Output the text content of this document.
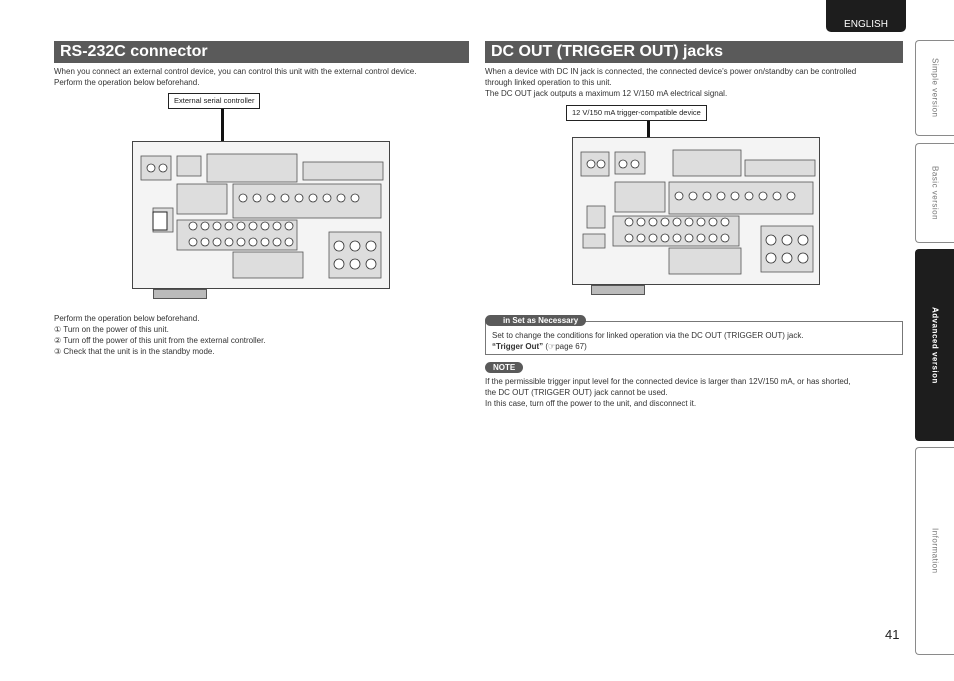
ENGLISH
Simple version
Basic version
Advanced version
Information
RS-232C connector
When you connect an external control device, you can control this unit with the external control device.
Perform the operation below beforehand.
External serial controller
Perform the operation below beforehand.
① Turn on the power of this unit.
② Turn off the power of this unit from the external controller.
③ Check that the unit is in the standby mode.
DC OUT (TRIGGER OUT) jacks
When a device with DC IN jack is connected, the connected device’s power on/standby can be controlled
through linked operation to this unit.
The DC OUT jack outputs a maximum 12 V/150 mA electrical signal.
12 V/150 mA trigger-compatible device
Set to change the conditions for linked operation via the DC OUT (TRIGGER OUT) jack.
“Trigger Out” (☞page 67)
in Set as Necessary
NOTE
If the permissible trigger input level for the connected device is larger than 12V/150 mA, or has shorted,
the DC OUT (TRIGGER OUT) jack cannot be used.
In this case, turn off the power to the unit, and disconnect it.
41
